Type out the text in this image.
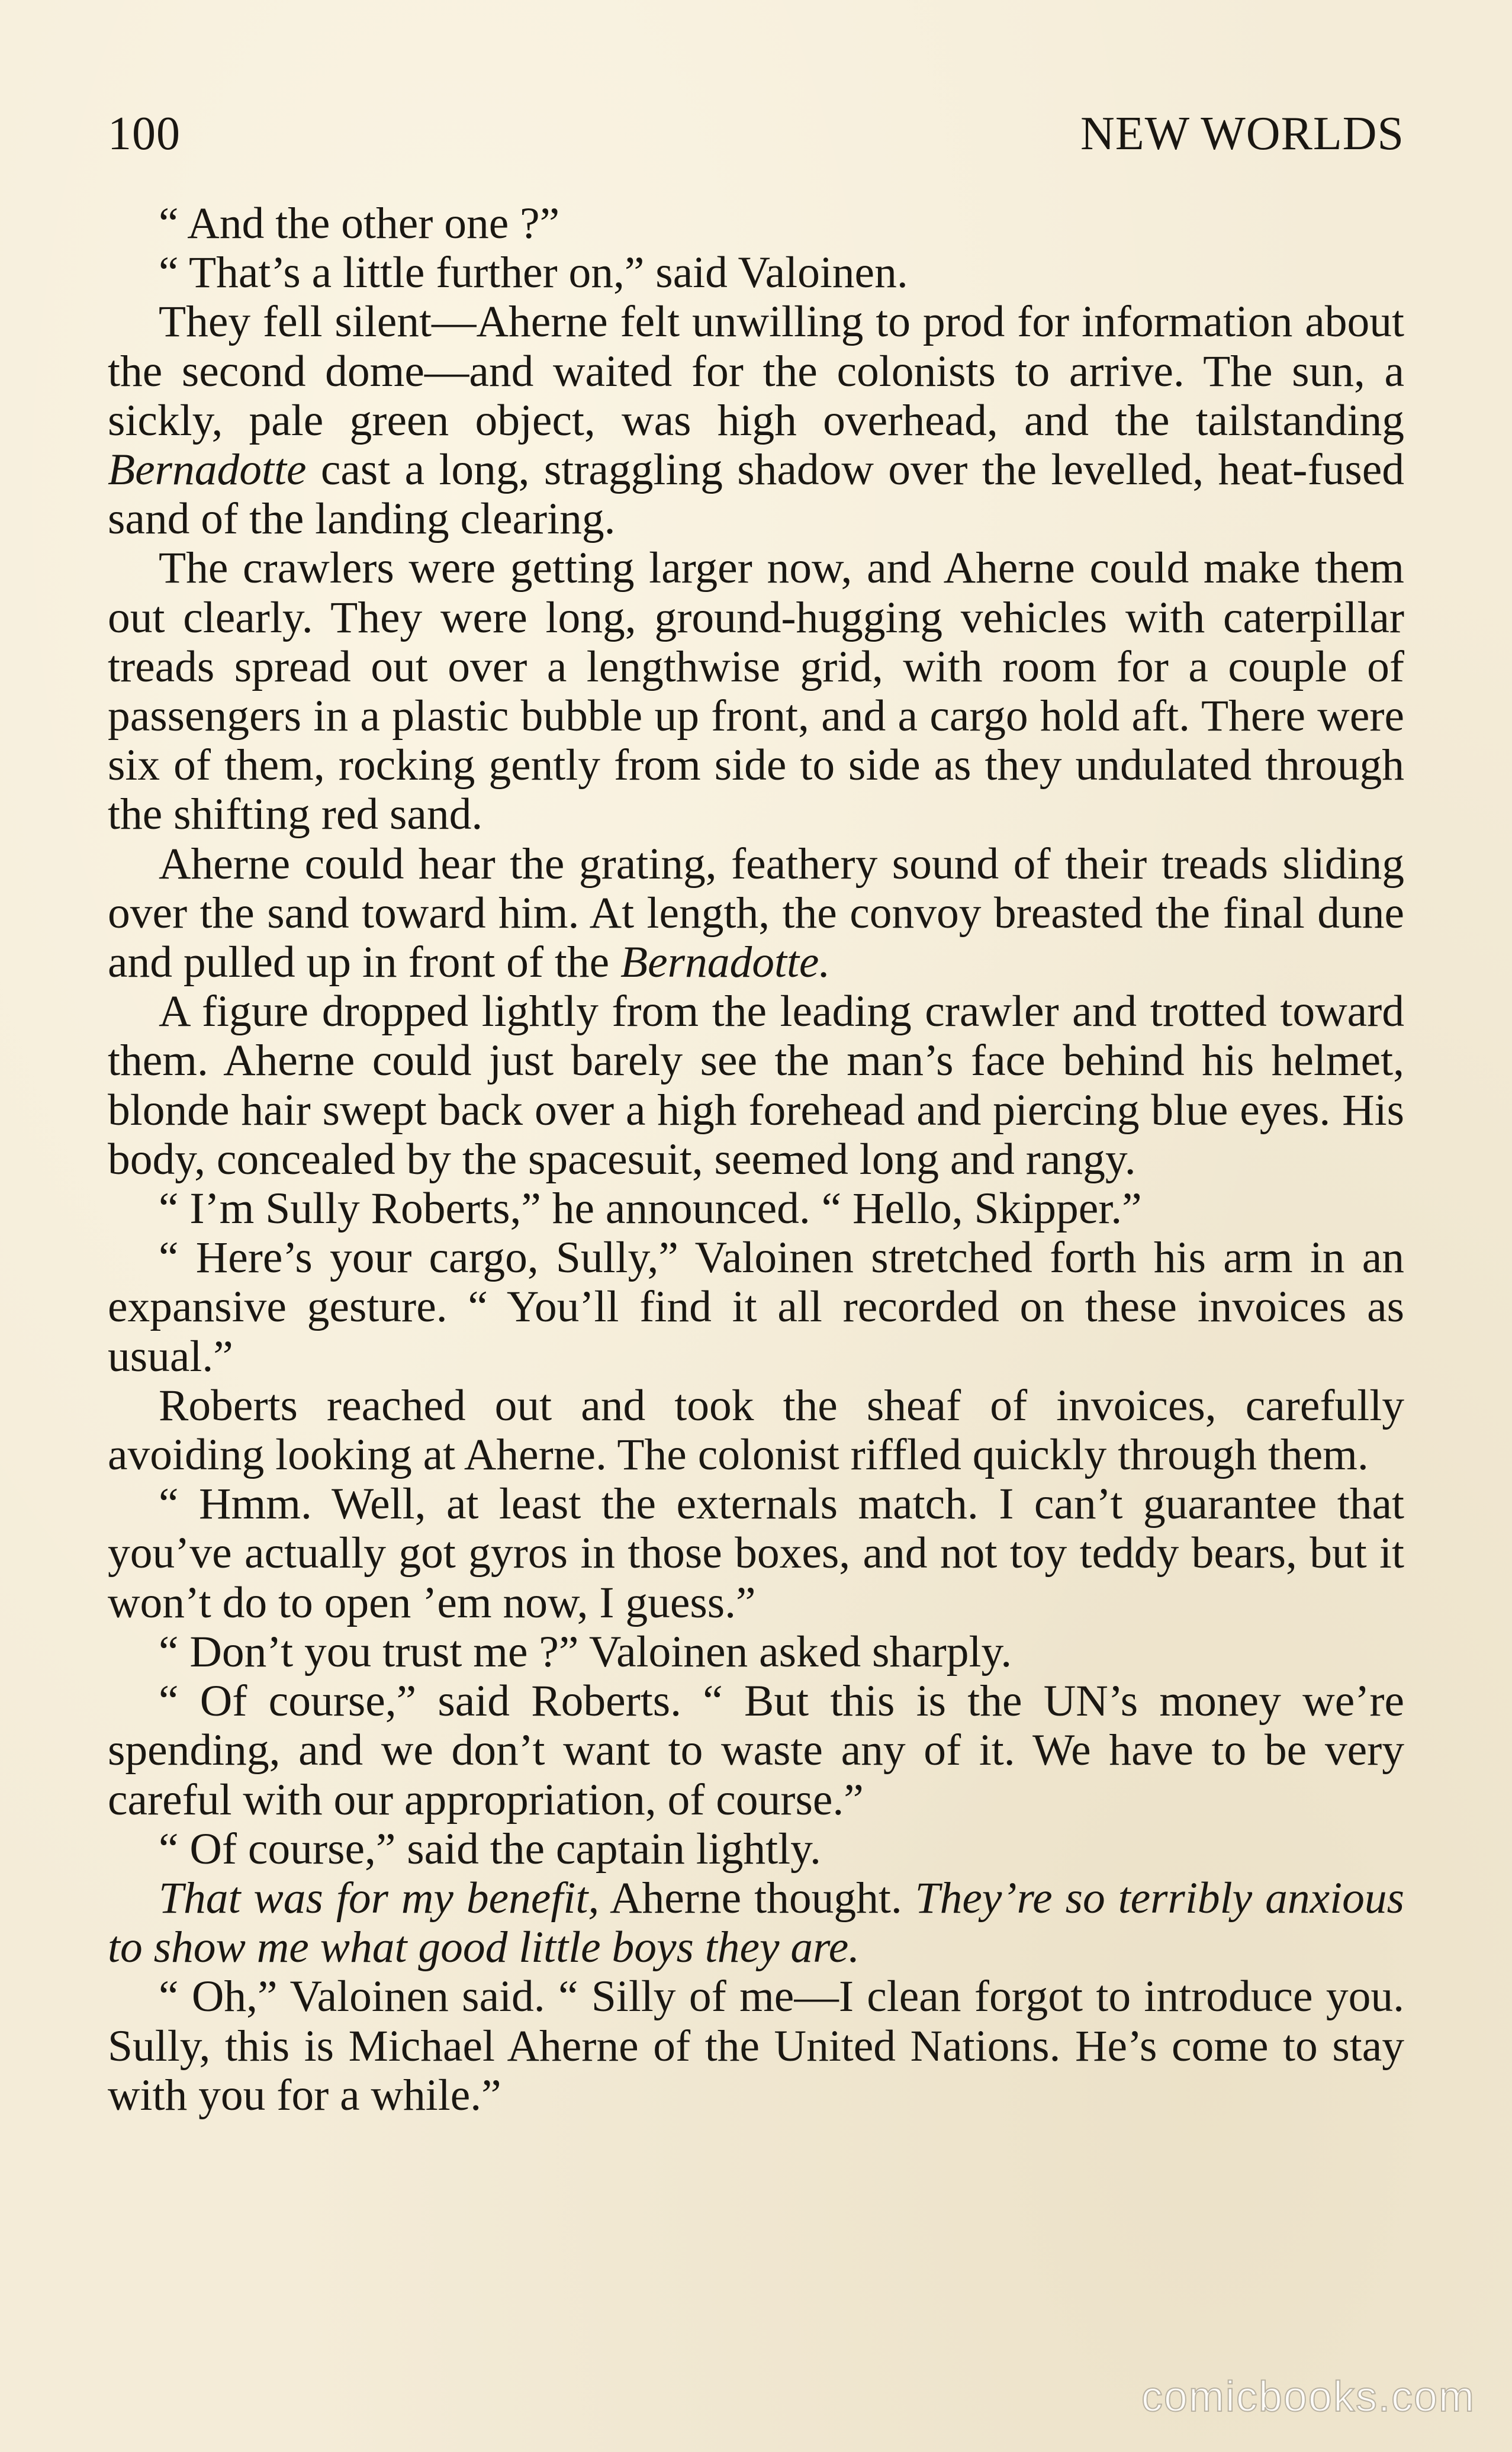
100	NEW WORLDS

“ And the other one ?”

“ That’s a little further on,” said Valoinen.

They fell silent—Aherne felt unwilling to prod for information about the second dome—and waited for the colonists to arrive. The sun, a sickly, pale green object, was high overhead, and the tailstanding Bernadotte cast a long, straggling shadow over the levelled, heat-fused sand of the landing clearing.

The crawlers were getting larger now, and Aherne could make them out clearly. They were long, ground-hugging vehicles with caterpillar treads spread out over a lengthwise grid, with room for a couple of passengers in a plastic bubble up front, and a cargo hold aft. There were six of them, rocking gently from side to side as they undulated through the shifting red sand.

Aherne could hear the grating, feathery sound of their treads sliding over the sand toward him. At length, the convoy breasted the final dune and pulled up in front of the Bernadotte.

A figure dropped lightly from the leading crawler and trotted toward them. Aherne could just barely see the man’s face behind his helmet, blonde hair swept back over a high forehead and piercing blue eyes. His body, concealed by the spacesuit, seemed long and rangy.

“ I’m Sully Roberts,” he announced. “ Hello, Skipper.”

“ Here’s your cargo, Sully,” Valoinen stretched forth his arm in an expansive gesture. “ You’ll find it all recorded on these invoices as usual.”

Roberts reached out and took the sheaf of invoices, carefully avoiding looking at Aherne. The colonist riffled quickly through them.

“ Hmm. Well, at least the externals match. I can’t guarantee that you’ve actually got gyros in those boxes, and not toy teddy bears, but it won’t do to open ’em now, I guess.”

“ Don’t you trust me ?” Valoinen asked sharply.

“ Of course,” said Roberts. “ But this is the UN’s money we’re spending, and we don’t want to waste any of it. We have to be very careful with our appropriation, of course.”

“ Of course,” said the captain lightly.

That was for my benefit, Aherne thought. They’re so terribly anxious to show me what good little boys they are.

“ Oh,” Valoinen said. “ Silly of me—I clean forgot to introduce you. Sully, this is Michael Aherne of the United Nations. He’s come to stay with you for a while.”

comicbooks.com
